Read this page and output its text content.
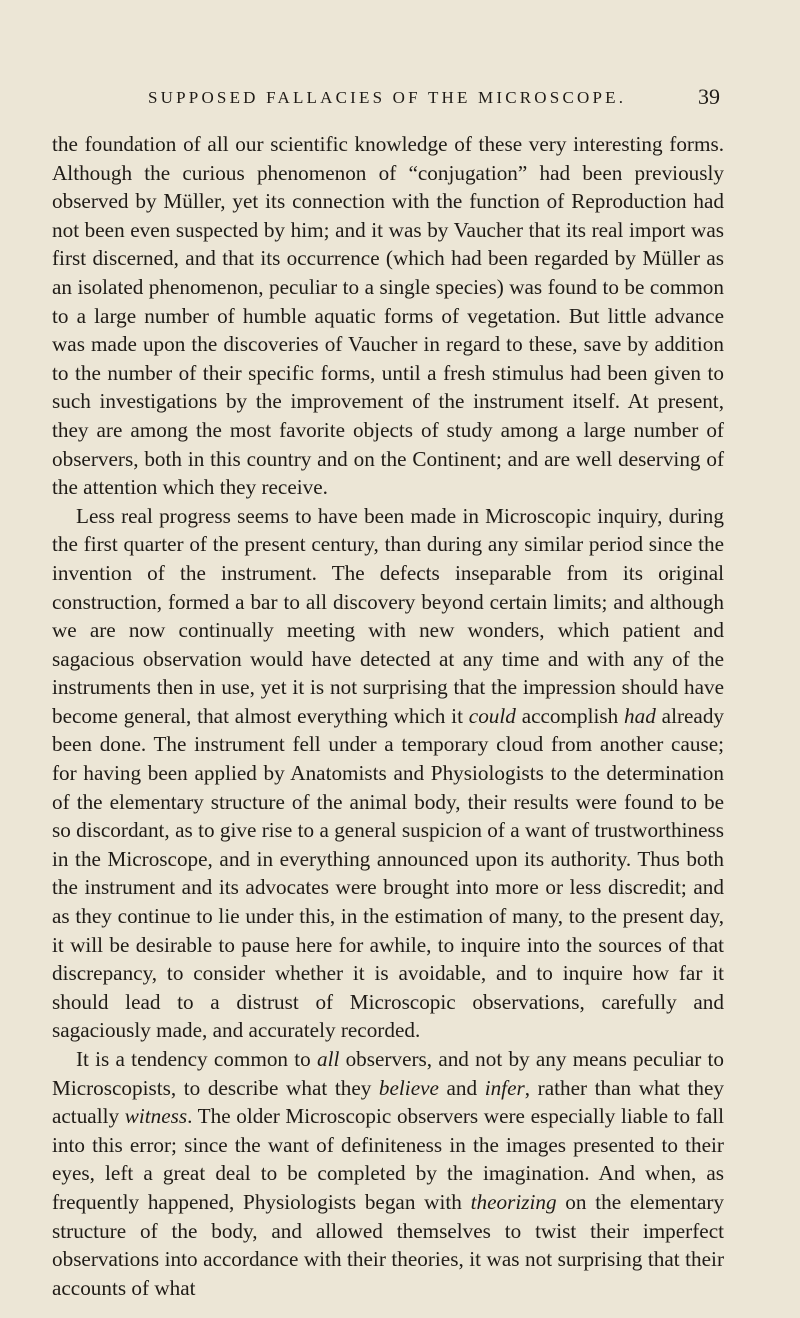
SUPPOSED FALLACIES OF THE MICROSCOPE.	39

the foundation of all our scientific knowledge of these very interesting forms. Although the curious phenomenon of “conjugation” had been previously observed by Müller, yet its connection with the function of Reproduction had not been even suspected by him; and it was by Vaucher that its real import was first discerned, and that its occurrence (which had been regarded by Müller as an isolated phenomenon, peculiar to a single species) was found to be common to a large number of humble aquatic forms of vegetation. But little advance was made upon the discoveries of Vaucher in regard to these, save by addition to the number of their specific forms, until a fresh stimulus had been given to such investigations by the improvement of the instrument itself. At present, they are among the most favorite objects of study among a large number of observers, both in this country and on the Continent; and are well deserving of the attention which they receive.

Less real progress seems to have been made in Microscopic inquiry, during the first quarter of the present century, than during any similar period since the invention of the instrument. The defects inseparable from its original construction, formed a bar to all discovery beyond certain limits; and although we are now continually meeting with new wonders, which patient and sagacious observation would have detected at any time and with any of the instruments then in use, yet it is not surprising that the impression should have become general, that almost everything which it could accomplish had already been done. The instrument fell under a temporary cloud from another cause; for having been applied by Anatomists and Physiologists to the determination of the elementary structure of the animal body, their results were found to be so discordant, as to give rise to a general suspicion of a want of trustworthiness in the Microscope, and in everything announced upon its authority. Thus both the instrument and its advocates were brought into more or less discredit; and as they continue to lie under this, in the estimation of many, to the present day, it will be desirable to pause here for awhile, to inquire into the sources of that discrepancy, to consider whether it is avoidable, and to inquire how far it should lead to a distrust of Microscopic observations, carefully and sagaciously made, and accurately recorded.

It is a tendency common to all observers, and not by any means peculiar to Microscopists, to describe what they believe and infer, rather than what they actually witness. The older Microscopic observers were especially liable to fall into this error; since the want of definiteness in the images presented to their eyes, left a great deal to be completed by the imagination. And when, as frequently happened, Physiologists began with theorizing on the elementary structure of the body, and allowed themselves to twist their imperfect observations into accordance with their theories, it was not surprising that their accounts of what
